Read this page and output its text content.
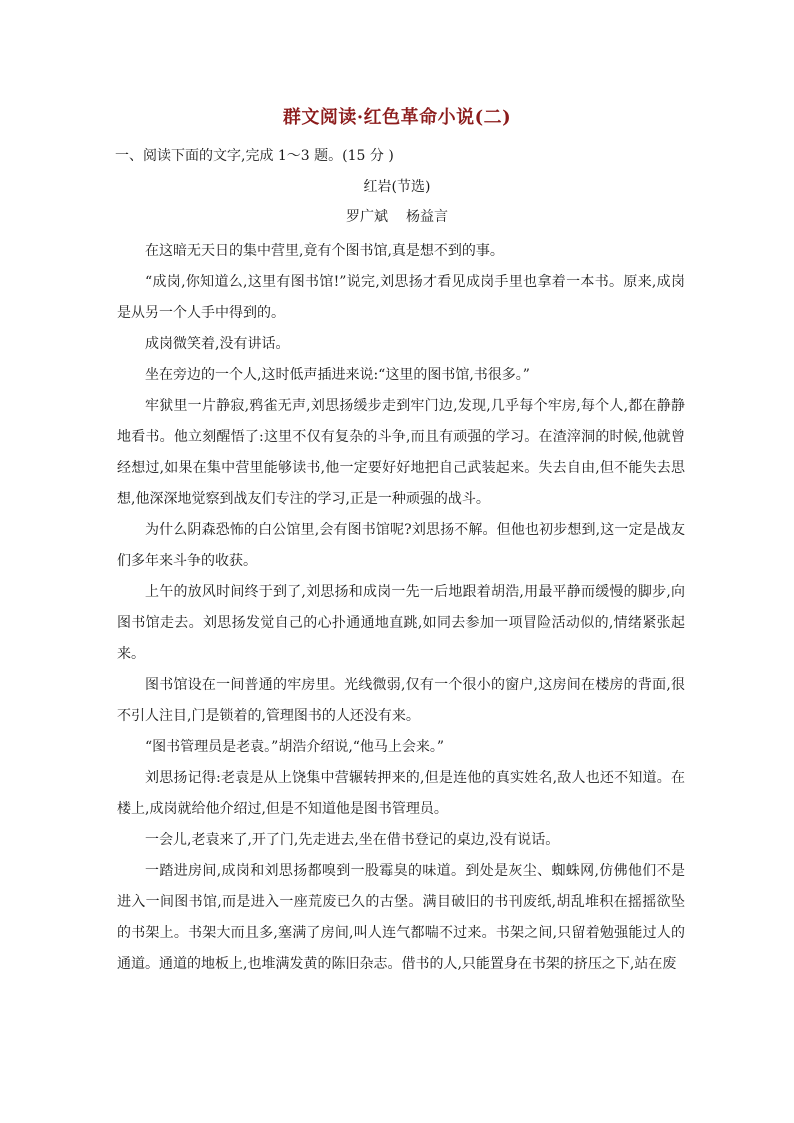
群文阅读·红色革命小说(二)
一、阅读下面的文字,完成 1～3 题。(15 分 )
红岩(节选)
罗广斌 杨益言

在这暗无天日的集中营里,竟有个图书馆,真是想不到的事。

“成岗,你知道么,这里有图书馆!”说完,刘思扬才看见成岗手里也拿着一本书。原来,成岗是从另一个人手中得到的。

成岗微笑着,没有讲话。

坐在旁边的一个人,这时低声插进来说:“这里的图书馆,书很多。”

牢狱里一片静寂,鸦雀无声,刘思扬缓步走到牢门边,发现,几乎每个牢房,每个人,都在静静地看书。他立刻醒悟了:这里不仅有复杂的斗争,而且有顽强的学习。在渣滓洞的时候,他就曾经想过,如果在集中营里能够读书,他一定要好好地把自己武装起来。失去自由,但不能失去思想,他深深地觉察到战友们专注的学习,正是一种顽强的战斗。

为什么阴森恐怖的白公馆里,会有图书馆呢?刘思扬不解。但他也初步想到,这一定是战友们多年来斗争的收获。

上午的放风时间终于到了,刘思扬和成岗一先一后地跟着胡浩,用最平静而缓慢的脚步,向图书馆走去。刘思扬发觉自己的心扑通通地直跳,如同去参加一项冒险活动似的,情绪紧张起来。

图书馆设在一间普通的牢房里。光线微弱,仅有一个很小的窗户,这房间在楼房的背面,很不引人注目,门是锁着的,管理图书的人还没有来。

“图书管理员是老袁。”胡浩介绍说,“他马上会来。”

刘思扬记得:老袁是从上饶集中营辗转押来的,但是连他的真实姓名,敌人也还不知道。在楼上,成岗就给他介绍过,但是不知道他是图书管理员。

一会儿,老袁来了,开了门,先走进去,坐在借书登记的桌边,没有说话。

一踏进房间,成岗和刘思扬都嗅到一股霉臭的味道。到处是灰尘、蜘蛛网,仿佛他们不是进入一间图书馆,而是进入一座荒废已久的古堡。满目破旧的书刊废纸,胡乱堆积在摇摇欲坠的书架上。书架大而且多,塞满了房间,叫人连气都喘不过来。书架之间,只留着勉强能过人的通道。通道的地板上,也堆满发黄的陈旧杂志。借书的人,只能置身在书架的挤压之下,站在废
